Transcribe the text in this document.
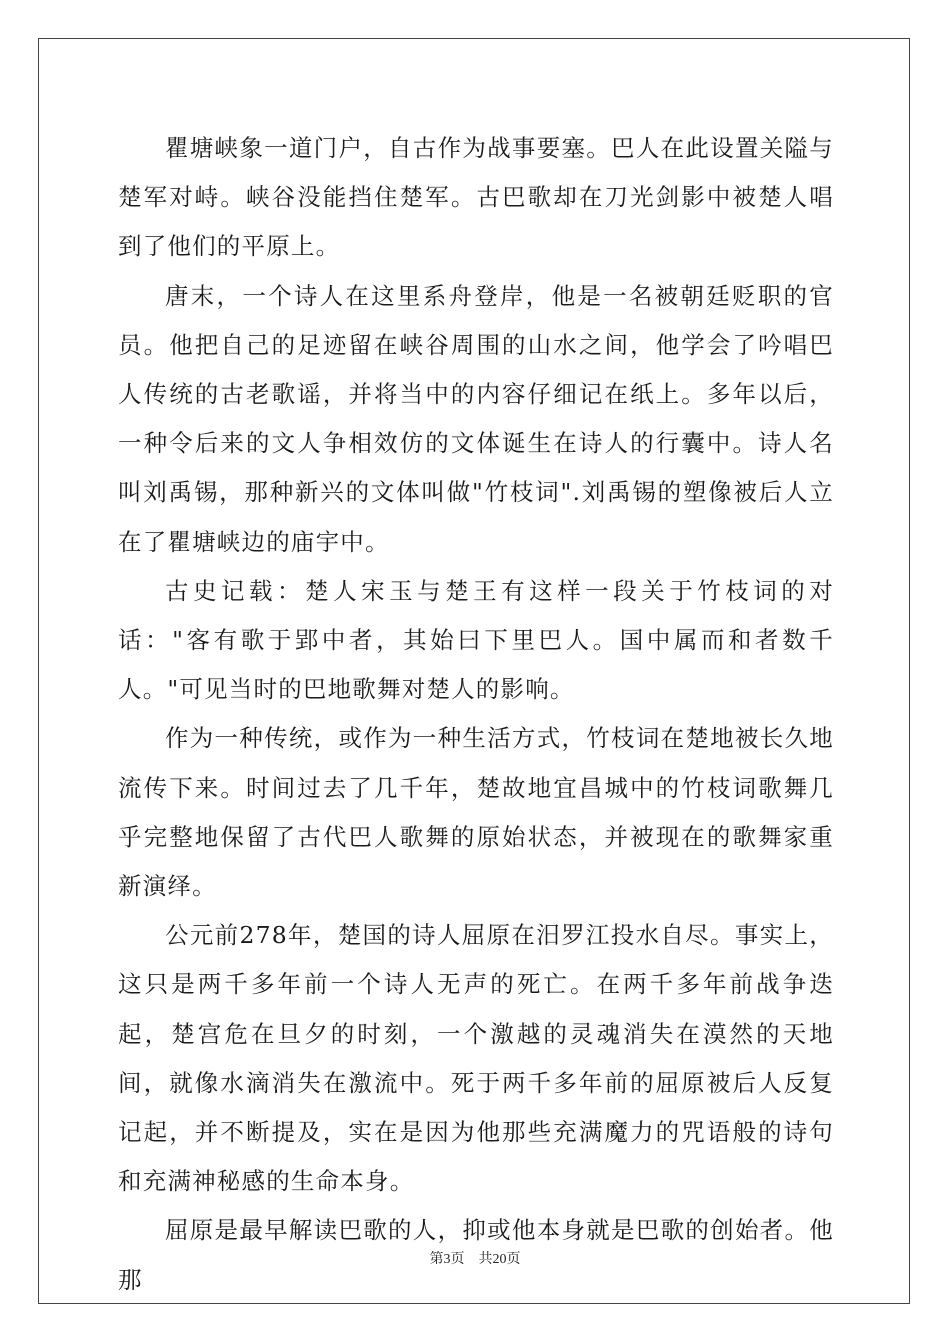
瞿塘峡象一道门户，自古作为战事要塞。巴人在此设置关隘与楚军对峙。峡谷没能挡住楚军。古巴歌却在刀光剑影中被楚人唱到了他们的平原上。

唐末，一个诗人在这里系舟登岸，他是一名被朝廷贬职的官员。他把自己的足迹留在峡谷周围的山水之间，他学会了吟唱巴人传统的古老歌谣，并将当中的内容仔细记在纸上。多年以后，一种令后来的文人争相效仿的文体诞生在诗人的行囊中。诗人名叫刘禹锡，那种新兴的文体叫做"竹枝词".刘禹锡的塑像被后人立在了瞿塘峡边的庙宇中。

古史记载：楚人宋玉与楚王有这样一段关于竹枝词的对话："客有歌于郢中者，其始曰下里巴人。国中属而和者数千人。"可见当时的巴地歌舞对楚人的影响。

作为一种传统，或作为一种生活方式，竹枝词在楚地被长久地流传下来。时间过去了几千年，楚故地宜昌城中的竹枝词歌舞几乎完整地保留了古代巴人歌舞的原始状态，并被现在的歌舞家重新演绎。

公元前278年，楚国的诗人屈原在汨罗江投水自尽。事实上，这只是两千多年前一个诗人无声的死亡。在两千多年前战争迭起，楚宫危在旦夕的时刻，一个激越的灵魂消失在漠然的天地间，就像水滴消失在激流中。死于两千多年前的屈原被后人反复记起，并不断提及，实在是因为他那些充满魔力的咒语般的诗句和充满神秘感的生命本身。

屈原是最早解读巴歌的人，抑或他本身就是巴歌的创始者。他那

第3页 共20页
